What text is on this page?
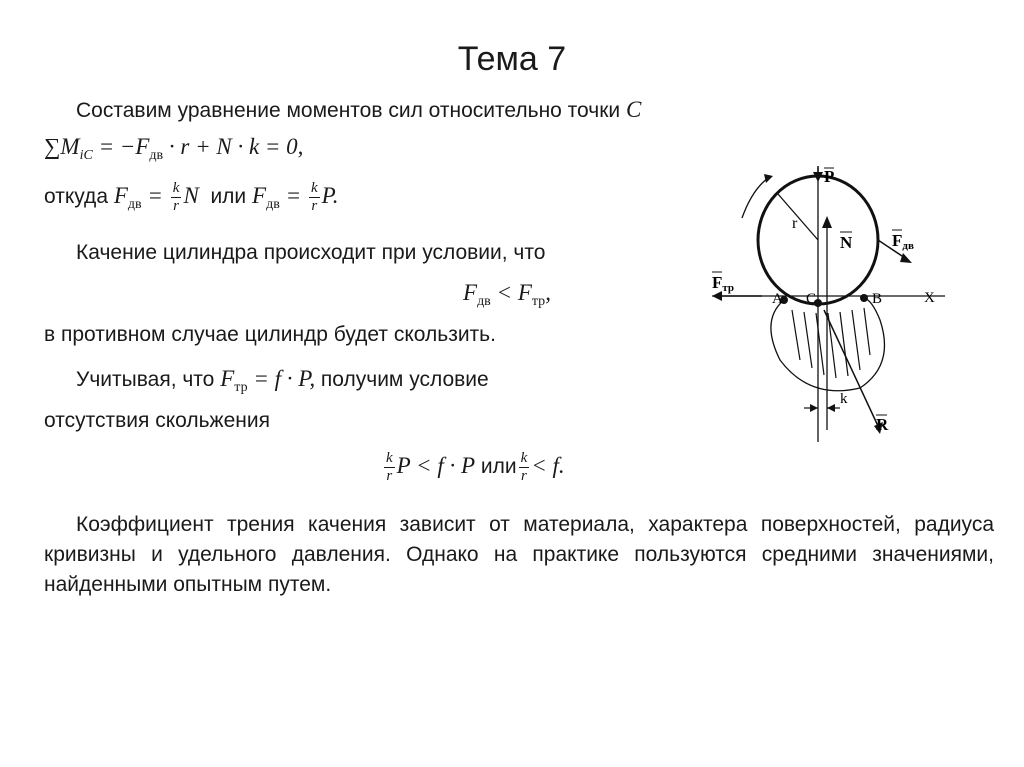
Тема 7
Составим уравнение моментов сил относительно точки C
$\sum M_{iC} = -F_{дв} \cdot r + N \cdot k = 0$,
откуда $F_{дв} = \frac{k}{r}$ N или $F_{дв} = \frac{k}{r} P$.
Качение цилиндра происходит при условии, что
$F_{дв} < F_{тр}$,
в противном случае цилиндр будет скользить.
Учитывая, что $F_{тр} = f \cdot P$, получим условие
отсутствия скольжения
$\frac{k}{r}$ P < f · P или $\frac{k}{r} < f$.
Коэффициент трения качения зависит от материала, характера поверхностей, радиуса кривизны и удельного давления. Однако на практике пользуются средними значениями, найденными опытным путем.
P
N Fдв
Fтр
r
A C	B	X
k
R
